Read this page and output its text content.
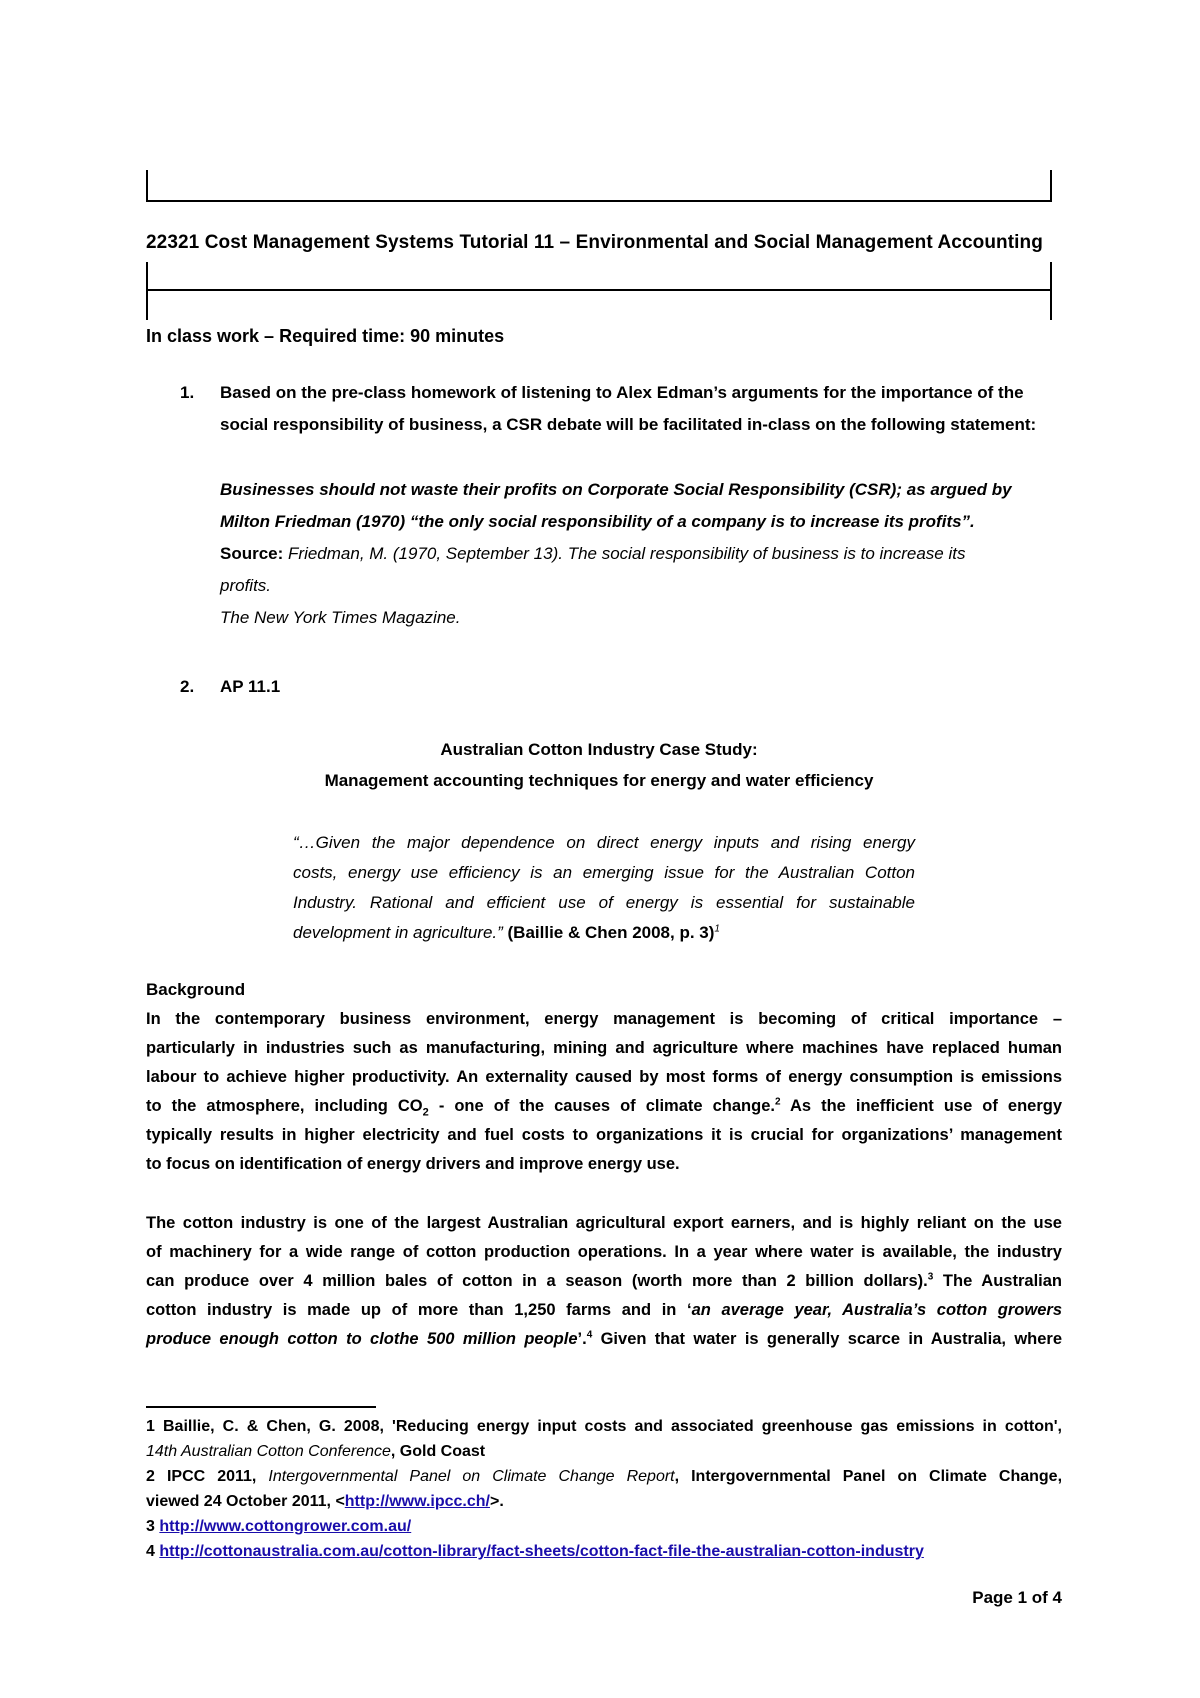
22321 Cost Management Systems Tutorial 11 – Environmental and Social Management Accounting
In class work – Required time: 90 minutes
1. Based on the pre-class homework of listening to Alex Edman’s arguments for the importance of the
social responsibility of business, a CSR debate will be facilitated in-class on the following statement:
Businesses should not waste their profits on Corporate Social Responsibility (CSR); as argued by
Milton Friedman (1970) “the only social responsibility of a company is to increase its profits”.
Source: Friedman, M. (1970, September 13). The social responsibility of business is to increase its
profits.
The New York Times Magazine.
2. AP 11.1
Australian Cotton Industry Case Study:
Management accounting techniques for energy and water efficiency
“…Given the major dependence on direct energy inputs and rising energy
costs, energy use efficiency is an emerging issue for the Australian Cotton
Industry. Rational and efficient use of energy is essential for sustainable
development in agriculture.” (Baillie & Chen 2008, p. 3)$^1$
Background
In the contemporary business environment, energy management is becoming of critical importance –
particularly in industries such as manufacturing, mining and agriculture where machines have replaced human
labour to achieve higher productivity. An externality caused by most forms of energy consumption is emissions
to the atmosphere, including $CO_2$ - one of the causes of climate change.$^2$ As the inefficient use of energy
typically results in higher electricity and fuel costs to organizations it is crucial for organizations’ management
to focus on identification of energy drivers and improve energy use.
The cotton industry is one of the largest Australian agricultural export earners, and is highly reliant on the use
of machinery for a wide range of cotton production operations. In a year where water is available, the industry
can produce over 4 million bales of cotton in a season (worth more than 2 billion dollars).$^3$ The Australian
cotton industry is made up of more than 1,250 farms and in ‘an average year, Australia’s cotton growers
produce enough cotton to clothe 500 million people’.$^4$ Given that water is generally scarce in Australia, where
1 Baillie, C. & Chen, G. 2008, 'Reducing energy input costs and associated greenhouse gas emissions in cotton',
14th Australian Cotton Conference, Gold Coast
2 IPCC 2011, Intergovernmental Panel on Climate Change Report, Intergovernmental Panel on Climate Change,
viewed 24 October 2011, <http://www.ipcc.ch/>.
3 http://www.cottongrower.com.au/
4 http://cottonaustralia.com.au/cotton-library/fact-sheets/cotton-fact-file-the-australian-cotton-industry
Page 1 of 4
